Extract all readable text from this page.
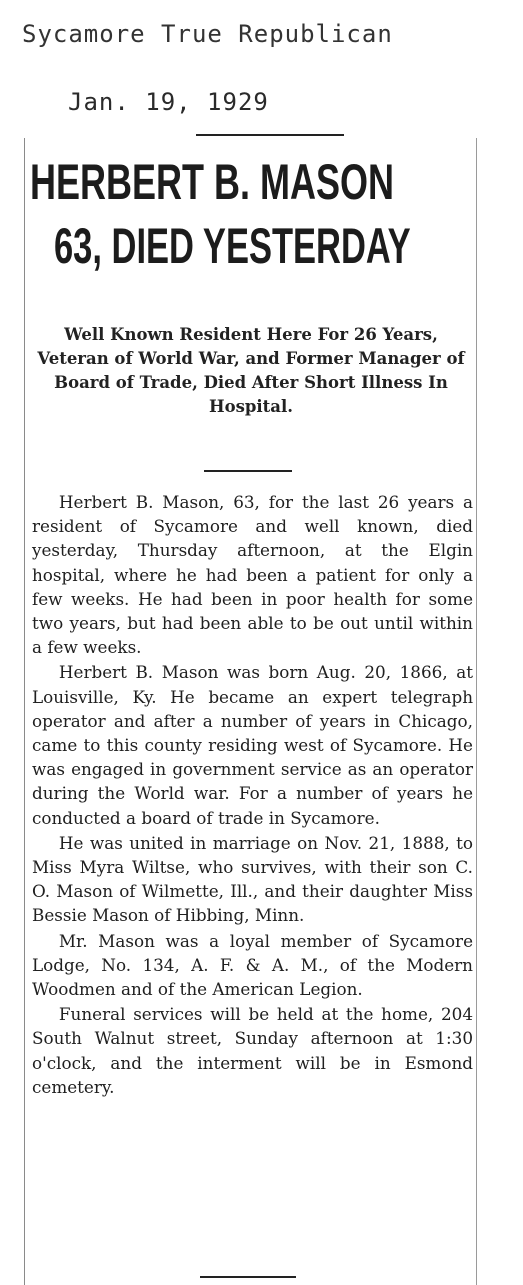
Sycamore True Republican
Jan. 19, 1929
HERBERT B. MASON
63, DIED YESTERDAY
Well Known Resident Here For 26 Years, Veteran of World War, and Former Manager of Board of Trade, Died After Short Illness In Hospital.

Herbert B. Mason, 63, for the last 26 years a resident of Sycamore and well known, died yesterday, Thursday afternoon, at the Elgin hospital, where he had been a patient for only a few weeks. He had been in poor health for some two years, but had been able to be out until within a few weeks.

Herbert B. Mason was born Aug. 20, 1866, at Louisville, Ky. He became an expert telegraph operator and after a number of years in Chicago, came to this county residing west of Sycamore. He was engaged in government service as an operator during the World war. For a number of years he conducted a board of trade in Sycamore.

He was united in marriage on Nov. 21, 1888, to Miss Myra Wiltse, who survives, with their son C. O. Mason of Wilmette, Ill., and their daughter Miss Bessie Mason of Hibbing, Minn.

Mr. Mason was a loyal member of Sycamore Lodge, No. 134, A. F. & A. M., of the Modern Woodmen and of the American Legion.

Funeral services will be held at the home, 204 South Walnut street, Sunday afternoon at 1:30 o'clock, and the interment will be in Esmond cemetery.
